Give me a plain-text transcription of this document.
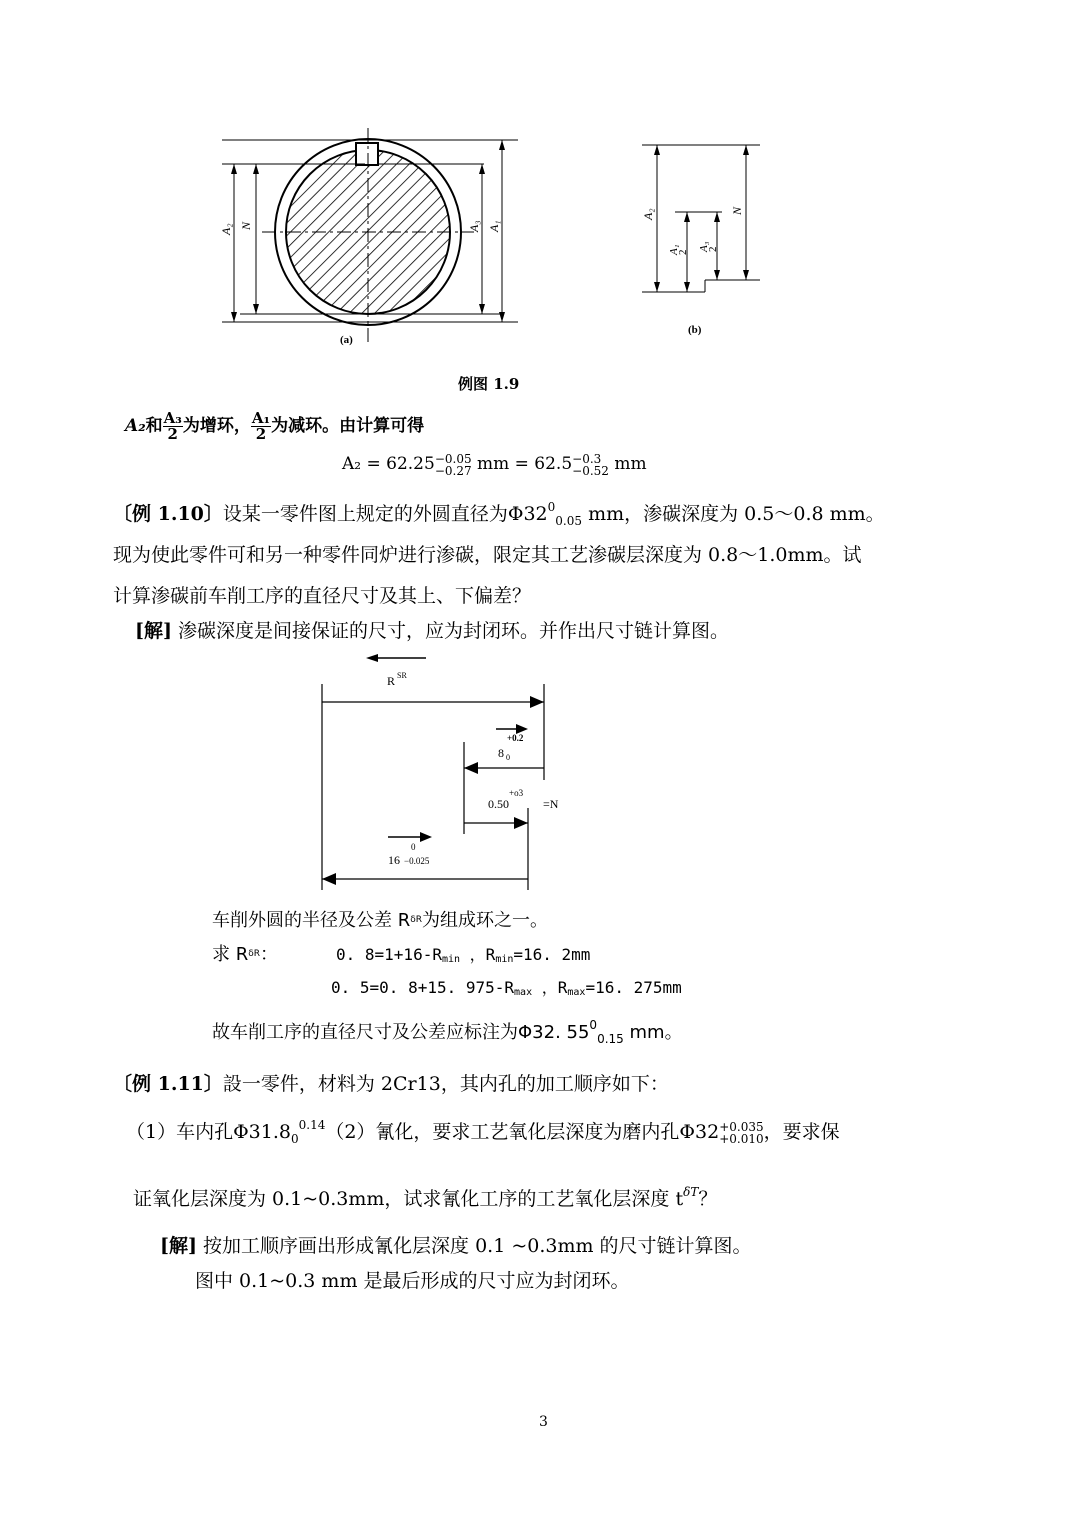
A₂ N	A₃ A₁
(a)
A₂	N
A₁
2
A₃
2
(b)
例图 1.9
A₂和 $\frac{\text{A₃}}{2}$ 为增环， $\frac{\text{A₁}}{2}$ 为减环。由计算可得
A₂ = 62.25 −0.05
−0.27 mm = 62.5 −0.3
−0.52 mm
〔例 1.10〕设某一零件图上规定的外圆直径为$\Phi 32^0_{0.05}$ mm，渗碳深度为 0.5～0.8 mm。
现为使此零件可和另一种零件同炉进行渗碳，限定其工艺渗碳层深度为 0.8～1.0mm。试
计算渗碳前车削工序的直径尺寸及其上、下偏差？
[解] 渗碳深度是间接保证的尺寸，应为封闭环。并作出尺寸链计算图。
R SR
8 0
+0.2
0.50
+o3
=N
0
16 −0.025
车削外圆的半径及公差 $R^{\delta R}$为组成环之一。
求 $R^{\delta R}$：	0. 8=1+16-Rmin ，Rmin=16. 2mm
0. 5=0. 8+15. 975-Rmax ，Rmax=16. 275mm
故车削工序的直径尺寸及公差应标注为Φ32. $55^0_{0.15}$ mm。
〔例 1.11〕設一零件，材料为 2Cr13，其内孔的加工顺序如下：
（1）车内孔$\Phi 31.8_0^{0.14}(2)$氰化，要求工艺氧化层深度为磨内孔Φ32 +0.035
+0.010 ，要求保
证氧化层深度为 0.1~0.3mm，试求氰化工序的工艺氧化层深度 $t^{\delta T}$？
[解] 按加工顺序画出形成氰化层深度 0.1 ~0.3mm 的尺寸链计算图。
图中 0.1~0.3 mm 是最后形成的尺寸应为封闭环。
3
